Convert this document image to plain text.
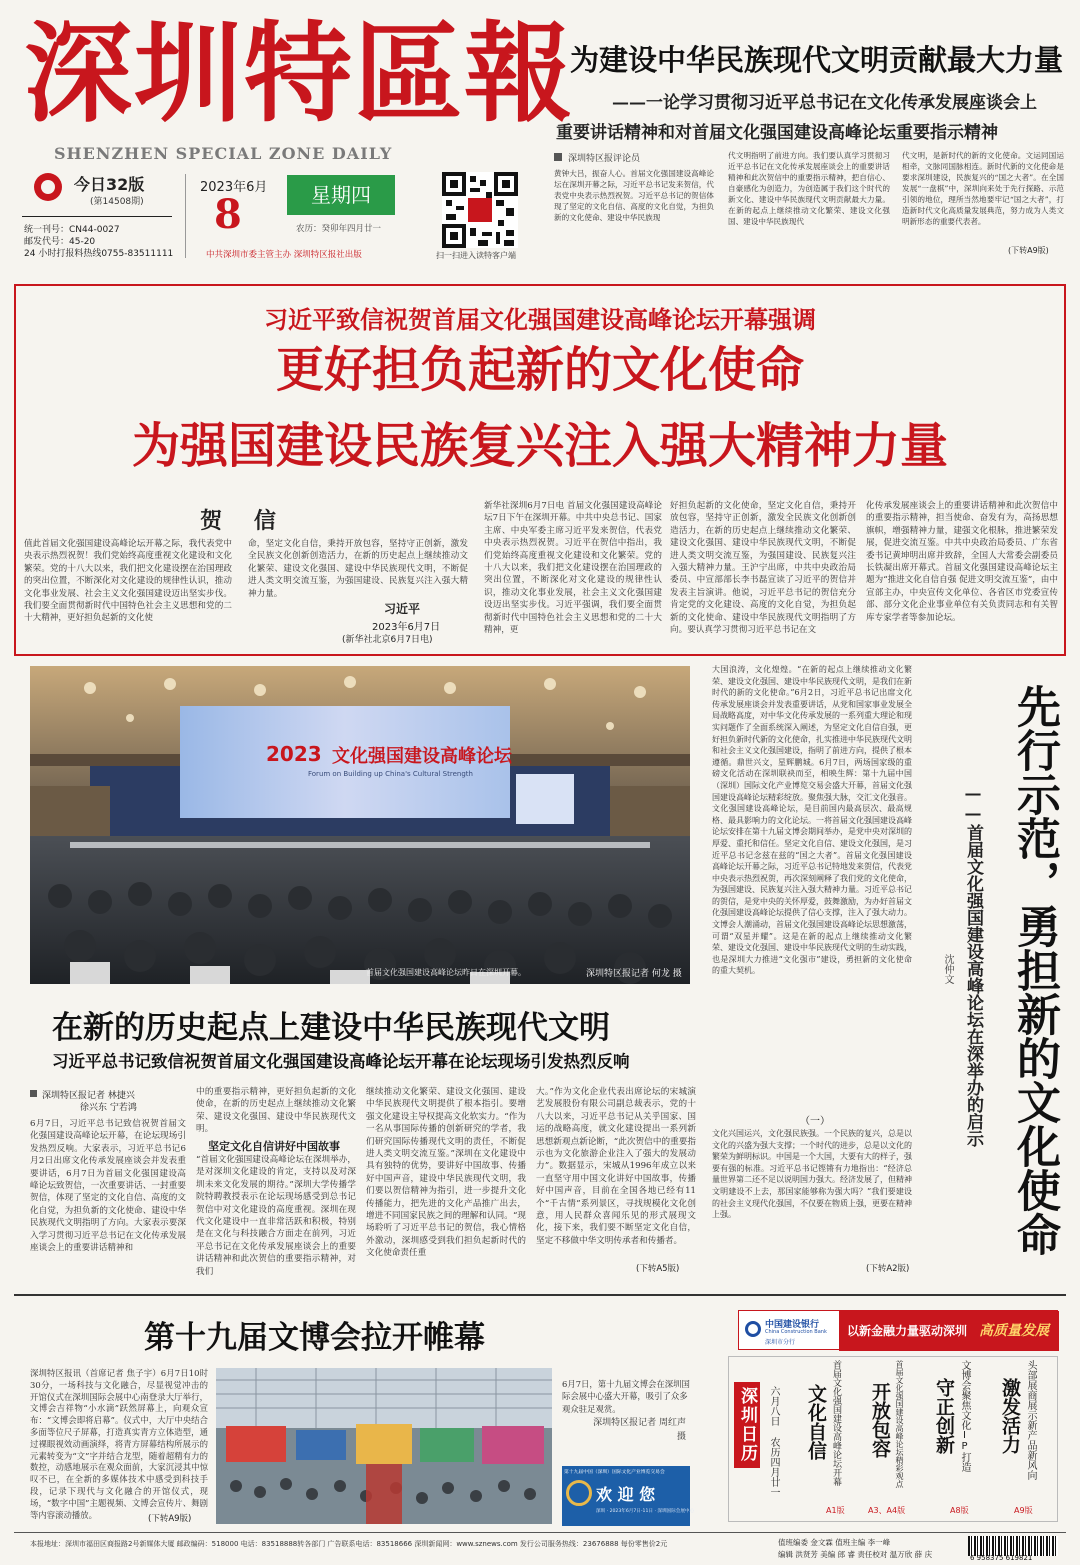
深圳特區報
SHENZHEN SPECIAL ZONE DAILY
今日32版
(第14508期)
统一刊号：CN44-0027
邮发代号：45-20
24 小时打报料热线0755-83511111
2023年6月
8	星期四
农历：癸卯年四月廿一
中共深圳市委主管主办 深圳特区报社出版	扫一扫进入读特客户端
为建设中华民族现代文明贡献最大力量
——一论学习贯彻习近平总书记在文化传承发展座谈会上
重要讲话精神和对首届文化强国建设高峰论坛重要指示精神
深圳特区报评论员
黄钟大吕，振奋人心。首届文化强国建设高峰论坛在深圳开幕之际，习近平总书记发来贺信，代表党中央表示热烈祝贺。习近平总书记的贺信体现了坚定的文化自信、高度的文化自觉，为担负新的文化使命、建设中华民族现
代文明指明了前进方向。我们要认真学习贯彻习近平总书记在文化传承发展座谈会上的重要讲话精神和此次贺信中的重要指示精神，把自信心、自豪感化为创造力，为创造属于我们这个时代的新文化、建设中华民族现代文明贡献最大力量。在新的起点上继续推动文化繁荣、建设文化强国、建设中华民族现代
代文明，是新时代的新的文化使命。文运同国运相牵，文脉同国脉相连。新时代新的文化使命是要求深圳建设，民族复兴的“国之大者”。在全国发展“一盘棋”中，深圳向来处于先行探路、示范引领的地位，理所当然地要牢记“国之大者”，打造新时代文化高质量发展典范，努力成为人类文明新形态的重要代表者。
(下转A9版)
习近平致信祝贺首届文化强国建设高峰论坛开幕强调
更好担负起新的文化使命
为强国建设民族复兴注入强大精神力量
贺 信
值此首届文化强国建设高峰论坛开幕之际，我代表党中央表示热烈祝贺！我们党始终高度重视文化建设和文化繁荣。党的十八大以来，我们把文化建设摆在治国理政的突出位置，不断深化对文化建设的规律性认识，推动文化事业发展、社会主义文化强国建设迈出坚实步伐。我们要全面贯彻新时代中国特色社会主义思想和党的二十大精神，更好担负起新的文化使
命，坚定文化自信，秉持开放包容，坚持守正创新，激发全民族文化创新创造活力，在新的历史起点上继续推动文化繁荣、建设文化强国、建设中华民族现代文明，不断促进人类文明交流互鉴，为强国建设、民族复兴注入强大精神力量。
习近平
2023年6月7日
(新华社北京6月7日电)
新华社深圳6月7日电 首届文化强国建设高峰论坛7日下午在深圳开幕。中共中央总书记、国家主席、中央军委主席习近平发来贺信，代表党中央表示热烈祝贺。习近平在贺信中指出，我们党始终高度重视文化建设和文化繁荣。党的十八大以来，我们把文化建设摆在治国理政的突出位置，不断深化对文化建设的规律性认识，推动文化事业发展，社会主义文化强国建设迈出坚实步伐。习近平强调，我们要全面贯彻新时代中国特色社会主义思想和党的二十大精神，更
好担负起新的文化使命，坚定文化自信，秉持开放包容，坚持守正创新，激发全民族文化创新创造活力，在新的历史起点上继续推动文化繁荣、建设文化强国、建设中华民族现代文明，不断促进人类文明交流互鉴，为强国建设、民族复兴注入强大精神力量。王沪宁出席，中共中央政治局委员、中宣部部长李书磊宣读了习近平的贺信并发表主旨演讲。他说，习近平总书记的贺信充分肯定党的文化建设、高度的文化自觉，为担负起新的文化使命、建设中华民族现代文明指明了方向。要认真学习贯彻习近平总书记在文
化传承发展座谈会上的重要讲话精神和此次贺信中的重要指示精神，担当使命、奋发有为，高扬思想旗帜，增强精神力量，建强文化根脉，推进繁荣发展，促进交流互鉴。中共中央政治局委员、广东省委书记黄坤明出席并致辞，全国人大常委会副委员长铁凝出席开幕式。首届文化强国建设高峰论坛主题为“推进文化自信自强 促进文明交流互鉴”，由中宣部主办，中央宣传文化单位、各省区市党委宣传部、部分文化企业事业单位有关负责同志和有关智库专家学者等参加论坛。
2023 文化强国建设高峰论坛
Forum on Building up China's Cultural Strength
首届文化强国建设高峰论坛昨日在深圳开幕。	深圳特区报记者 何龙 摄
在新的历史起点上建设中华民族现代文明
习近平总书记致信祝贺首届文化强国建设高峰论坛开幕在论坛现场引发热烈反响
深圳特区报记者 林捷兴
徐兴东 宁若鸿
6月7日，习近平总书记致信祝贺首届文化强国建设高峰论坛开幕，在论坛现场引发热烈反响。大家表示，习近平总书记6月2日出席文化传承发展座谈会并发表重要讲话，6月7日为首届文化强国建设高峰论坛致贺信，一次重要讲话、一封重要贺信，体现了坚定的文化自信、高度的文化自觉，为担负新的文化使命、建设中华民族现代文明指明了方向。大家表示要深入学习贯彻习近平总书记在文化传承发展座谈会上的重要讲话精神和
中的重要指示精神，更好担负起新的文化使命，在新的历史起点上继续推动文化繁荣、建设文化强国、建设中华民族现代文明。
坚定文化自信讲好中国故事
“首届文化强国建设高峰论坛在深圳举办，是对深圳文化建设的肯定，支持以及对深圳未来文化发展的期待。”深圳大学传播学院特聘教授表示在论坛现场感受到总书记贺信中对文化建设的高度重视。深圳在现代文化建设中一直非常活跃和积极，特别是在文化与科技融合方面走在前列，习近平总书记在文化传承发展座谈会上的重要讲话精神和此次贺信的重要指示精神，对我们
继续推动文化繁荣、建设文化强国、建设中华民族现代文明提供了根本指引。要增强文化建设主导权提高文化软实力。“作为一名从事国际传播的创新研究的学者，我们研究国际传播现代文明的责任，不断促进人类文明交流互鉴。”深圳在文化建设中具有独特的优势，要讲好中国故事、传播好中国声音，建设中华民族现代文明，我们要以贺信精神为指引，进一步提升文化传播能力，把先进的文化产品推广出去，增进不同国家民族之间的理解和认同。“现场聆听了习近平总书记的贺信，我心情格外激动，深圳感受到我们担负起新时代的文化使命责任重
大。”作为文化企业代表出席论坛的宋城演艺发展股份有限公司副总裁表示，党的十八大以来，习近平总书记从关乎国家、国运的战略高度，就文化建设提出一系列新思想新观点新论断，“此次贺信中的重要指示也为文化旅游企业注入了强大的发展动力”。数据显示，宋城从1996年成立以来一直坚守用中国文化讲好中国故事，传播好中国声音，目前在全国各地已经有11个“千古情”系列景区，寻找规模化文化创意，用人民群众喜闻乐见的形式展现文化，接下来，我们要不断坚定文化自信，坚定不移做中华文明传承者和传播者。
(下转A5版)
大国浪涛，文化煌煌。“在新的起点上继续推动文化繁荣、建设文化强国、建设中华民族现代文明，是我们在新时代的新的文化使命。”6月2日，习近平总书记出席文化传承发展座谈会并发表重要讲话，从党和国家事业发展全局战略高度，对中华文化传承发展的一系列重大理论和现实问题作了全面系统深入阐述，为坚定文化自信自强，更好担负新时代新的文化使命，扎实推进中华民族现代文明和社会主义文化强国建设，指明了前进方向，提供了根本遵循。鼎世兴文，星辉鹏城。6月7日，两场国家级的重磅文化活动在深圳联袂而至，相映生辉：第十九届中国（深圳）国际文化产业博览交易会盛大开幕，首届文化强国建设高峰论坛精彩绽放。聚焦强大脉，交汇文化强音。文化强国建设高峰论坛，是目前国内最高层次、最高规格、最具影响力的文化论坛。一将首届文化强国建设高峰论坛安排在第十九届文博会期间举办，是党中央对深圳的厚爱、重托和信任。坚定文化自信、建设文化强国，是习近平总书记念兹在兹的“国之大者”。首届文化强国建设高峰论坛开幕之际，习近平总书记特地发来贺信，代表党中央表示热烈祝贺，再次深刻阐释了我们党的文化使命，为强国建设、民族复兴注入强大精神力量。习近平总书记的贺信，是党中央的关怀厚爱，鼓舞激励，为办好首届文化强国建设高峰论坛提供了信心支撑，注入了强大动力。文博会人潮涌动，首届文化强国建设高峰论坛思想激荡，可谓“双星并耀”。这是在新的起点上继续推动文化繁荣、建设文化强国、建设中华民族现代文明的生动实践，也是深圳大力推进“文化强市”建设，勇担新的文化使命的重大契机。
（一）
文化兴国运兴，文化强民族强。一个民族的复兴，总是以文化的兴盛为强大支撑；一个时代的进步，总是以文化的繁荣为鲜明标识。中国是一个大国，大要有大的样子，强要有强的标准。习近平总书记铿锵有力地指出：“经济总量世界第二还不足以说明国力强大。经济发展了，但精神文明建设不上去，那国家能够称为强大吗？”我们要建设的社会主义现代化强国，不仅要在物质上强，更要在精神上强。
(下转A2版)
先行示范，勇担新的文化使命
——首届文化强国建设高峰论坛在深举办的启示
沈仲文
第十九届文博会拉开帷幕
深圳特区报讯（首席记者 焦子宇）6月7日10时30分，一场科技与文化融合，尽显视觉冲击的开馆仪式在深圳国际会展中心南登录大厅举行，文博会吉祥物“小水滴”跃然屏幕上，向观众宣布：“文博会即将启幕”。仪式中，大厅中央结合多面等位尺子屏幕，打造真实青方立体造型，通过裸眼视效动画演绎，将青方屏幕结构所展示的元素转变为“文”字并结合龙型，随着超精有力的数控，动感地展示在观众面前，大家沉浸其中惊叹不已，在全新的多媒体技术中感受到科技手段，记录下现代与文化融合的开馆仪式，现场，“数字中国”主题视频、文博会宣传片、舞剧等内容滚动播放。	(下转A9版)
6月7日，第十九届文博会在深圳国际会展中心盛大开幕，吸引了众多观众驻足观赏。
深圳特区报记者 周红声 摄
第十九届中国（深圳）国际文化产业博览交易会
欢 迎 您
深圳 · 2023年6月7日-11日 · 深圳国际会展中心
中国建设银行
China Construction Bank
深圳市分行
以新金融力量驱动深圳 高质量发展
深圳日历	六月八日 农历四月廿一	激发活力 头部展商展示新产品新风向
A9版
守正创新 文博会聚焦文化IP打造
A8版
开放包容 首届文化强国建设高峰论坛精彩观点
A3、A4版
文化自信 首届文化强国建设高峰论坛开幕
A1版
本报地址：深圳市福田区商报路2号新媒体大厦 邮政编码：518000 电话：83518888转各部门 广告联系电话：83518666 深圳新闻网：www.sznews.com 发行公司服务热线：23676888 每份零售价2元	值班编委 金文霖 值班主编 李一峰
编辑 洪贤芳 美编 郎 睿 责任校对 温万欣 薛 庆	6 958375 619821
